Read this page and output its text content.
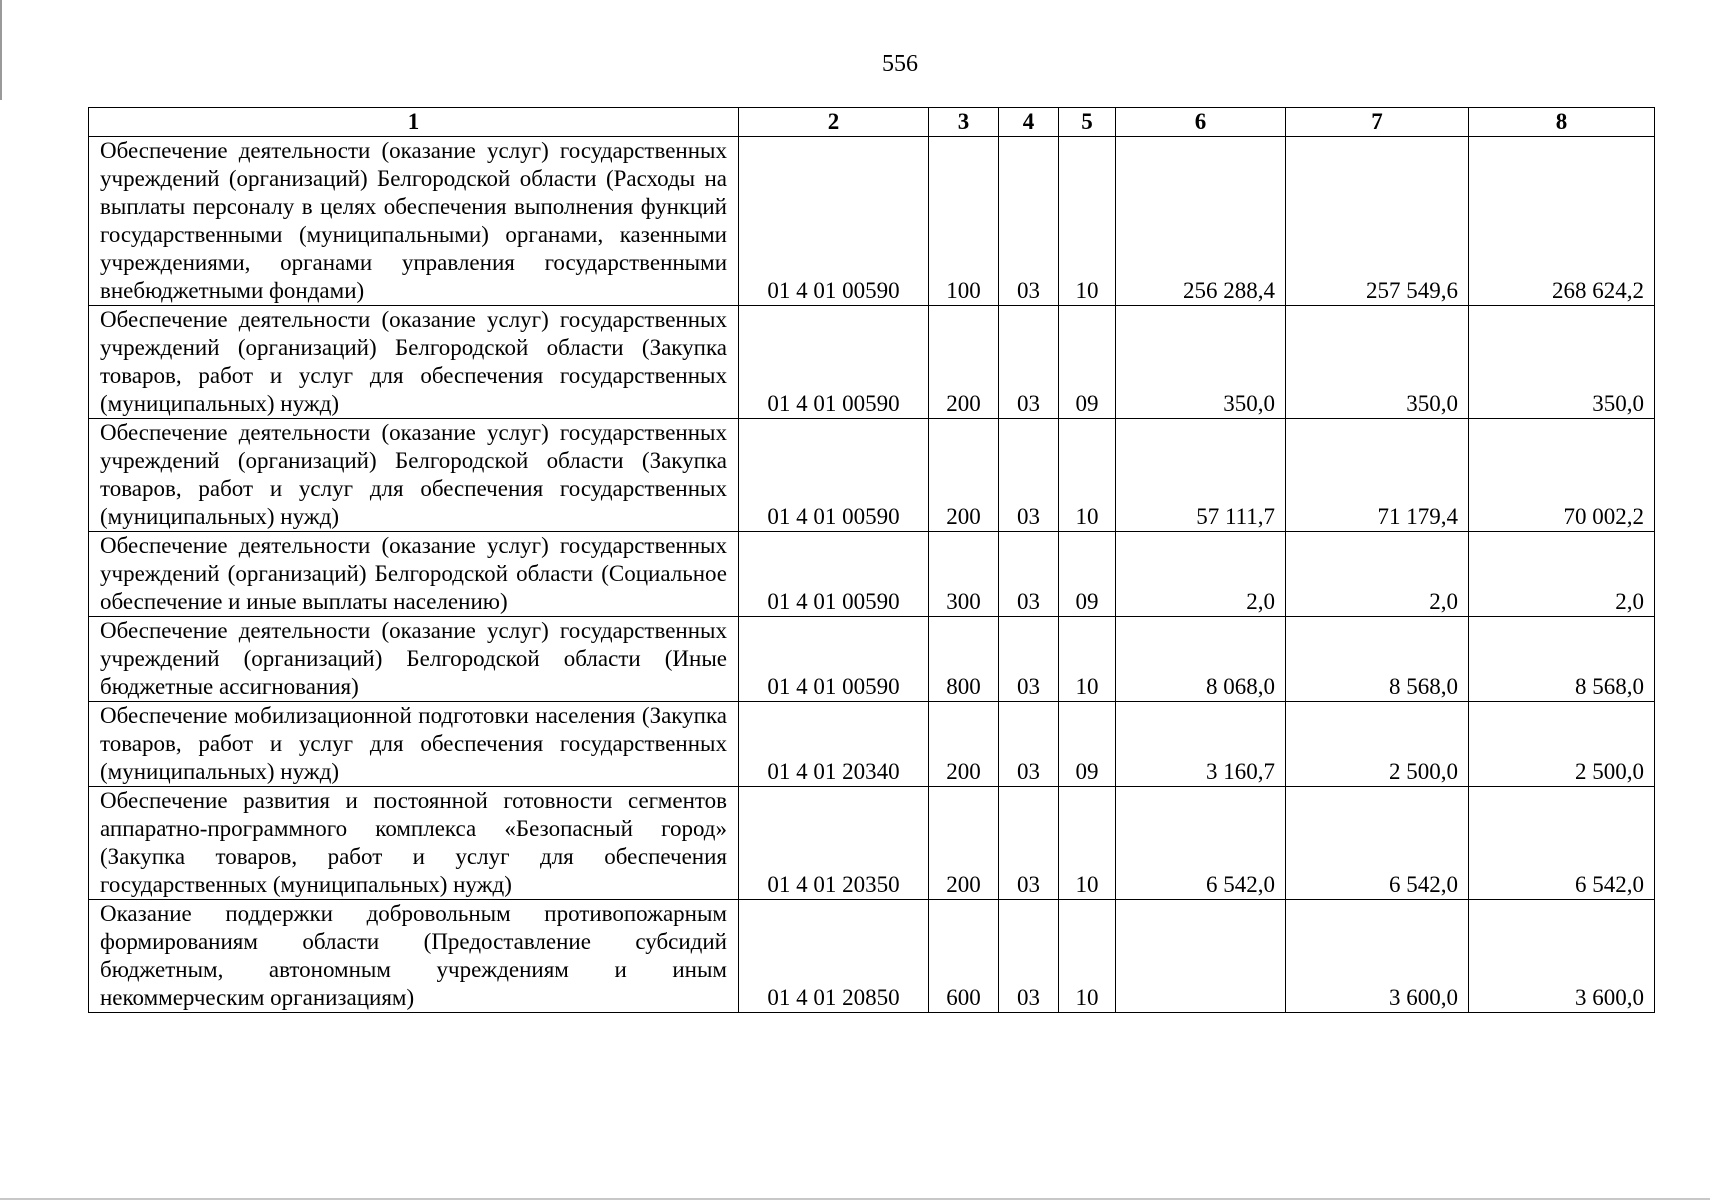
556
1	2	3	4	5	6	7	8
Обеспечение деятельности (оказание услуг) государственных учреждений (организаций) Белгородской области (Расходы на выплаты персоналу в целях обеспечения выполнения функций государственными (муниципальными) органами, казенными учреждениями, органами управления государственными внебюджетными фондами)	01 4 01 00590	100	03	10	256 288,4	257 549,6	268 624,2
Обеспечение деятельности (оказание услуг) государственных учреждений (организаций) Белгородской области (Закупка товаров, работ и услуг для обеспечения государственных (муниципальных) нужд)	01 4 01 00590	200	03	09	350,0	350,0	350,0
Обеспечение деятельности (оказание услуг) государственных учреждений (организаций) Белгородской области (Закупка товаров, работ и услуг для обеспечения государственных (муниципальных) нужд)	01 4 01 00590	200	03	10	57 111,7	71 179,4	70 002,2
Обеспечение деятельности (оказание услуг) государственных учреждений (организаций) Белгородской области (Социальное обеспечение и иные выплаты населению)	01 4 01 00590	300	03	09	2,0	2,0	2,0
Обеспечение деятельности (оказание услуг) государственных учреждений (организаций) Белгородской области (Иные бюджетные ассигнования)	01 4 01 00590	800	03	10	8 068,0	8 568,0	8 568,0
Обеспечение мобилизационной подготовки населения (Закупка товаров, работ и услуг для обеспечения государственных (муниципальных) нужд)	01 4 01 20340	200	03	09	3 160,7	2 500,0	2 500,0
Обеспечение развития и постоянной готовности сегментов аппаратно-программного комплекса «Безопасный город» (Закупка товаров, работ и услуг для обеспечения государственных (муниципальных) нужд)	01 4 01 20350	200	03	10	6 542,0	6 542,0	6 542,0
Оказание поддержки добровольным противопожарным формированиям области (Предоставление субсидий бюджетным, автономным учреждениям и иным некоммерческим организациям)	01 4 01 20850	600	03	10		3 600,0	3 600,0
